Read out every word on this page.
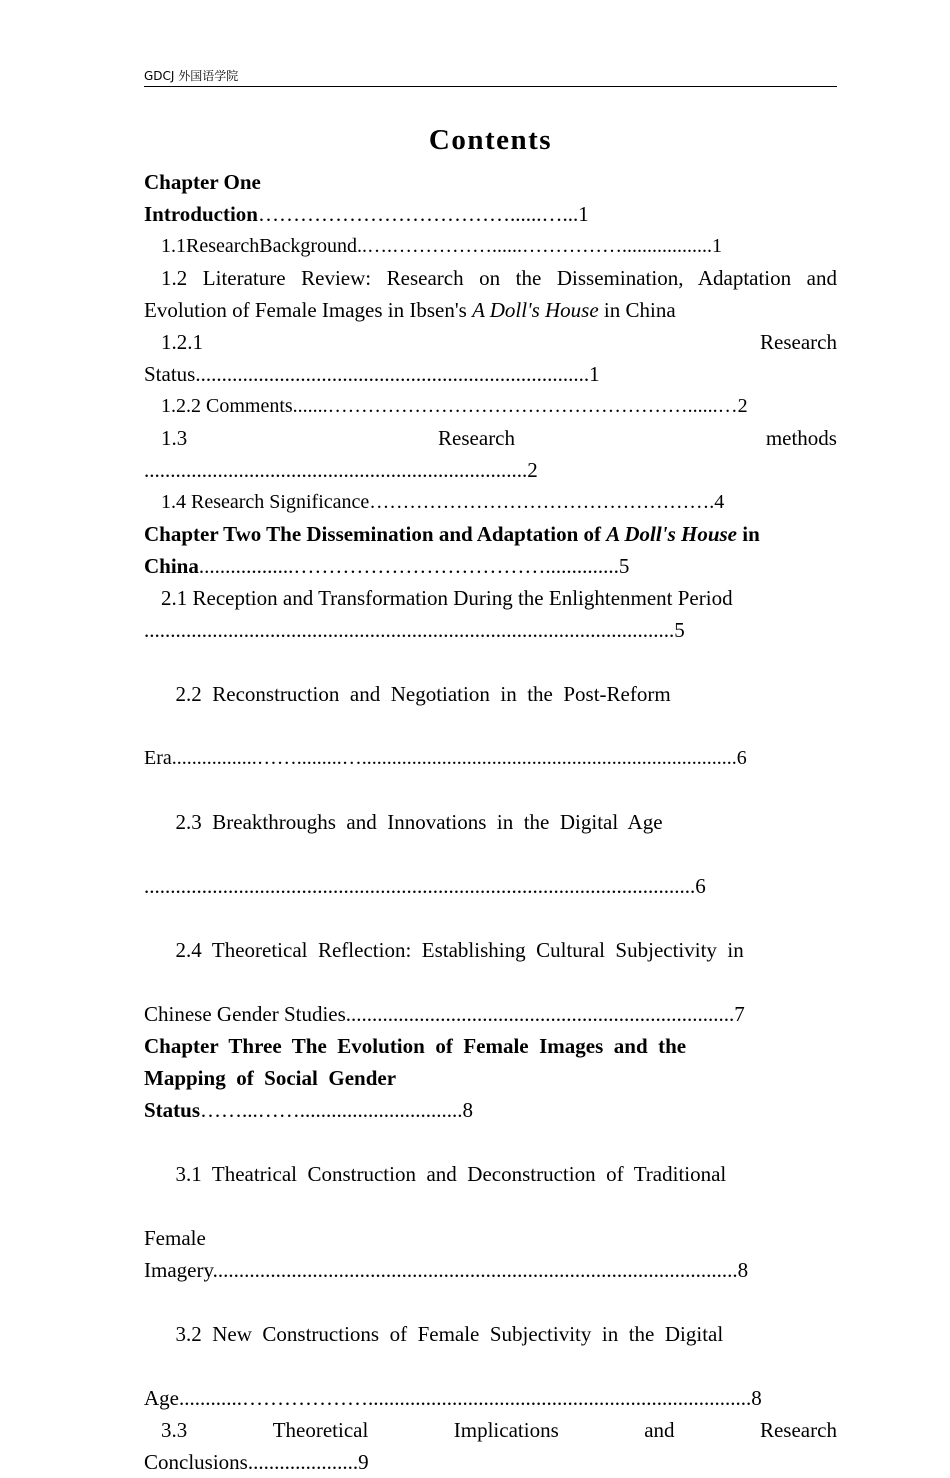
GDCJ 外国语学院
Contents

Chapter One
Introduction………………………………......…...1

1.1ResearchBackground..….……………......……………..................1

1.2 Literature Review: Research on the Dissemination, Adaptation and Evolution of Female Images in Ibsen's A Doll's House in China

1.2.1	Research

Status...........................................................................1

1.2.2 Comments.......………………………………………………......…2

1.3	Research	methods

.........................................................................2

1.4 Research Significance…………………………………………….4

Chapter Two The Dissemination and Adaptation of A Doll's House in
China..................………………………………..............5

2.1 Reception and Transformation During the Enlightenment Period

.....................................................................................................5

2.2  Reconstruction  and  Negotiation  in  the  Post-Reform

Era.................…….........…...........................................................................6

2.3  Breakthroughs  and  Innovations  in  the  Digital  Age

.........................................................................................................6

2.4  Theoretical  Reflection:  Establishing  Cultural  Subjectivity  in

Chinese Gender Studies..........................................................................7

Chapter  Three  The  Evolution  of  Female  Images  and  the
Mapping  of  Social  Gender
Status……...……...............................8

3.1  Theatrical  Construction  and  Deconstruction  of  Traditional

Female
Imagery....................................................................................................8

3.2  New  Constructions  of  Female  Subjectivity  in  the  Digital

Age............……………….........................................................................8

3.3	Theoretical	Implications	and	Research

Conclusions.....................9
